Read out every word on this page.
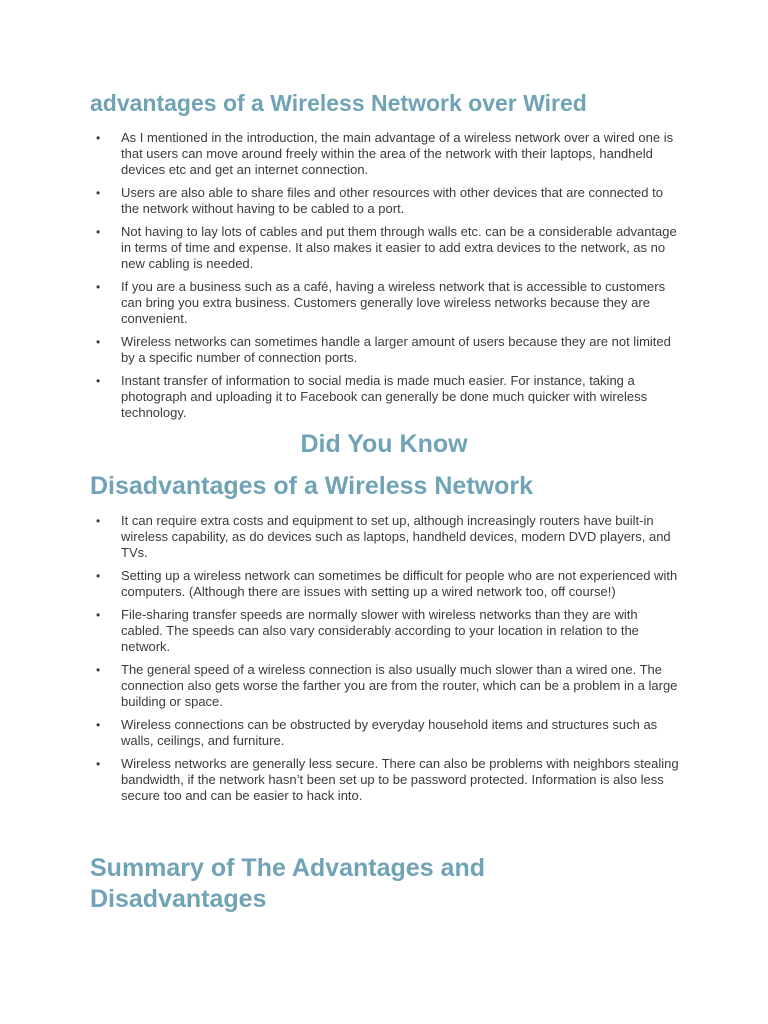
advantages of a Wireless Network over Wired
• As I mentioned in the introduction, the main advantage of a wireless network over a wired one is that users can move around freely within the area of the network with their laptops, handheld devices etc and get an internet connection.
• Users are also able to share files and other resources with other devices that are connected to the network without having to be cabled to a port.
• Not having to lay lots of cables and put them through walls etc. can be a considerable advantage in terms of time and expense. It also makes it easier to add extra devices to the network, as no new cabling is needed.
• If you are a business such as a café, having a wireless network that is accessible to customers can bring you extra business. Customers generally love wireless networks because they are convenient.
• Wireless networks can sometimes handle a larger amount of users because they are not limited by a specific number of connection ports.
• Instant transfer of information to social media is made much easier. For instance, taking a photograph and uploading it to Facebook can generally be done much quicker with wireless technology.
Did You Know
Disadvantages of a Wireless Network
• It can require extra costs and equipment to set up, although increasingly routers have built-in wireless capability, as do devices such as laptops, handheld devices, modern DVD players, and TVs.
• Setting up a wireless network can sometimes be difficult for people who are not experienced with computers. (Although there are issues with setting up a wired network too, off course!)
• File-sharing transfer speeds are normally slower with wireless networks than they are with cabled. The speeds can also vary considerably according to your location in relation to the network.
• The general speed of a wireless connection is also usually much slower than a wired one. The connection also gets worse the farther you are from the router, which can be a problem in a large building or space.
• Wireless connections can be obstructed by everyday household items and structures such as walls, ceilings, and furniture.
• Wireless networks are generally less secure. There can also be problems with neighbors stealing bandwidth, if the network hasn’t been set up to be password protected. Information is also less secure too and can be easier to hack into.
Summary of The Advantages and Disadvantages
